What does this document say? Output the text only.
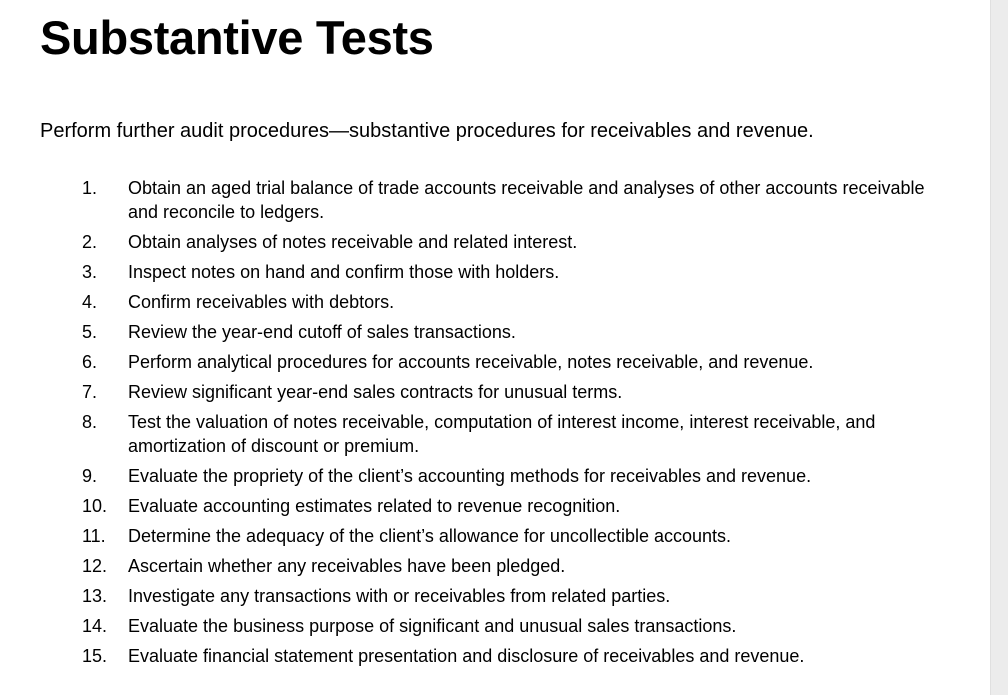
Substantive Tests

Perform further audit procedures—substantive procedures for receivables and revenue.

1.	Obtain an aged trial balance of trade accounts receivable and analyses of other accounts receivable and reconcile to ledgers.
2.	Obtain analyses of notes receivable and related interest.
3.	Inspect notes on hand and confirm those with holders.
4.	Confirm receivables with debtors.
5.	Review the year-end cutoff of sales transactions.
6.	Perform analytical procedures for accounts receivable, notes receivable, and revenue.
7.	Review significant year-end sales contracts for unusual terms.
8.	Test the valuation of notes receivable, computation of interest income, interest receivable, and amortization of discount or premium.
9.	Evaluate the propriety of the client’s accounting methods for receivables and revenue.
10.	Evaluate accounting estimates related to revenue recognition.
11.	Determine the adequacy of the client’s allowance for uncollectible accounts.
12.	Ascertain whether any receivables have been pledged.
13.	Investigate any transactions with or receivables from related parties.
14.	Evaluate the business purpose of significant and unusual sales transactions.
15.	Evaluate financial statement presentation and disclosure of receivables and revenue.
